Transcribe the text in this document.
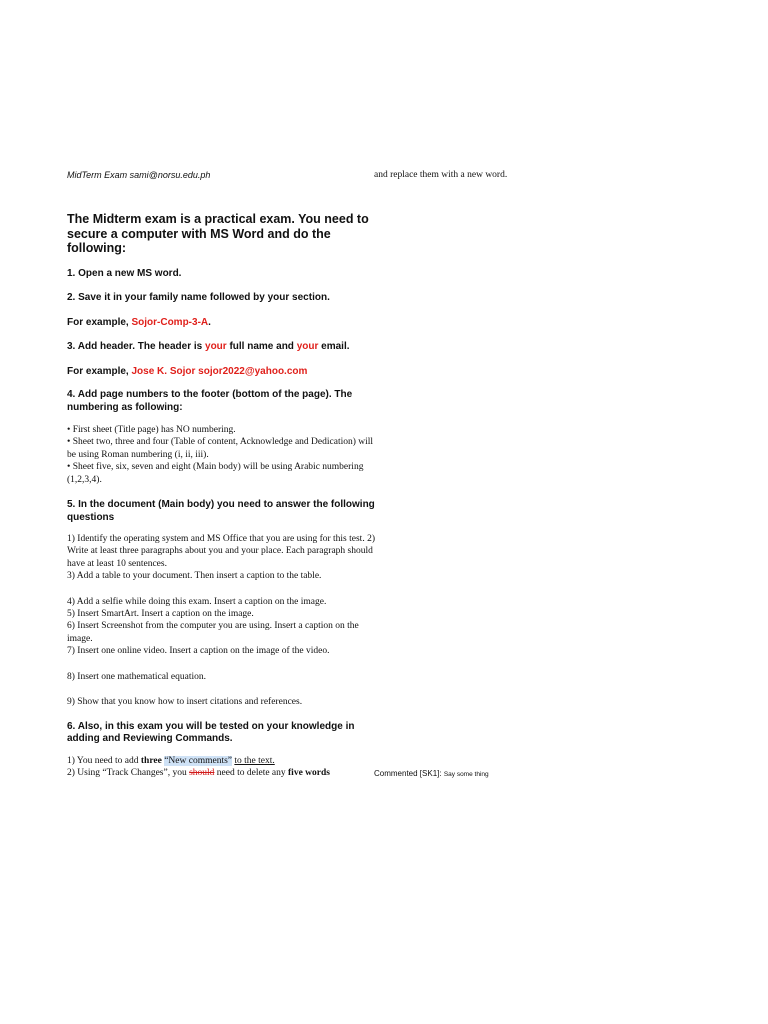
MidTerm Exam sami@norsu.edu.ph	and replace them with a new word.

The Midterm exam is a practical exam. You need to secure a computer with MS Word and do the following:

1. Open a new MS word.

2. Save it in your family name followed by your section.

For example, Sojor-Comp-3-A.

3. Add header. The header is your full name and your email.

For example, Jose K. Sojor sojor2022@yahoo.com

4. Add page numbers to the footer (bottom of the page). The numbering as following:

• First sheet (Title page) has NO numbering.

• Sheet two, three and four (Table of content, Acknowledge and Dedication) will be using Roman numbering (i, ii, iii).

• Sheet five, six, seven and eight (Main body) will be using Arabic numbering (1,2,3,4).

5. In the document (Main body) you need to answer the following questions

1) Identify the operating system and MS Office that you are using for this test. 2) Write at least three paragraphs about you and your place. Each paragraph should have at least 10 sentences.

3) Add a table to your document. Then insert a caption to the table.

4) Add a selfie while doing this exam. Insert a caption on the image.

5) Insert SmartArt. Insert a caption on the image.

6) Insert Screenshot from the computer you are using. Insert a caption on the image.

7) Insert one online video. Insert a caption on the image of the video.

8) Insert one mathematical equation.

9) Show that you know how to insert citations and references.

6. Also, in this exam you will be tested on your knowledge in adding and Reviewing Commands.

1) You need to add three “New comments” to the text.

2) Using “Track Changes”, you should need to delete any five words	Commented [SK1]: Say some thing
